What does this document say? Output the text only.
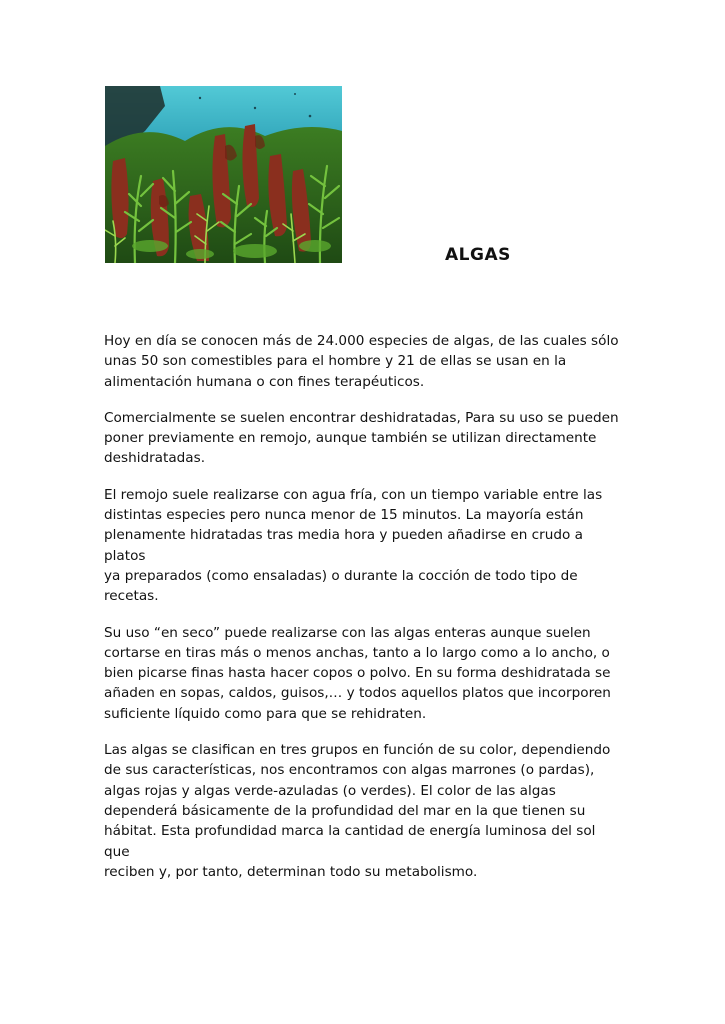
ALGAS

Hoy en día se conocen más de 24.000 especies de algas, de las cuales sólo
unas 50 son comestibles para el hombre y 21 de ellas se usan en la
alimentación humana o con fines terapéuticos.

Comercialmente se suelen encontrar deshidratadas, Para su uso se pueden
poner previamente en remojo, aunque también se utilizan directamente
deshidratadas.

El remojo suele realizarse con agua fría, con un tiempo variable entre las
distintas especies pero nunca menor de 15 minutos. La mayoría están
plenamente hidratadas tras media hora y pueden añadirse en crudo a platos
ya preparados (como ensaladas) o durante la cocción de todo tipo de
recetas.

Su uso “en seco” puede realizarse con las algas enteras aunque suelen
cortarse en tiras más o menos anchas, tanto a lo largo como a lo ancho, o
bien picarse finas hasta hacer copos o polvo. En su forma deshidratada se
añaden en sopas, caldos, guisos,… y todos aquellos platos que incorporen
suficiente líquido como para que se rehidraten.

Las algas se clasifican en tres grupos en función de su color, dependiendo
de sus características, nos encontramos con algas marrones (o pardas),
algas rojas y algas verde-azuladas (o verdes). El color de las algas
dependerá básicamente de la profundidad del mar en la que tienen su
hábitat. Esta profundidad marca la cantidad de energía luminosa del sol que
reciben y, por tanto, determinan todo su metabolismo.
